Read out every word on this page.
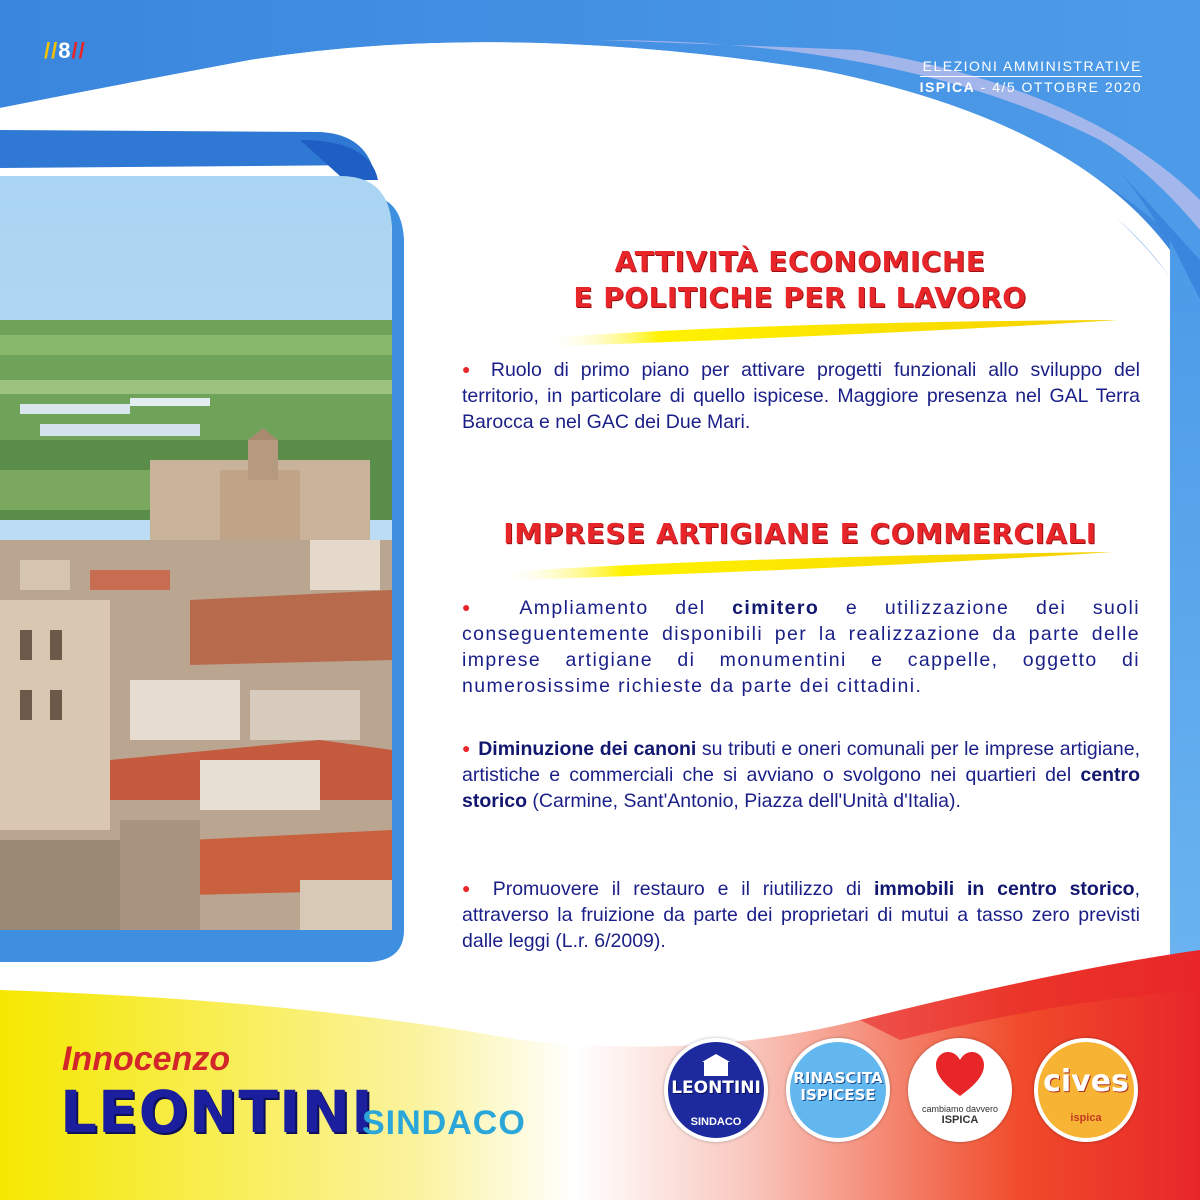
//8//
ELEZIONI AMMINISTRATIVE
ISPICA - 4/5 OTTOBRE 2020
ATTIVITÀ ECONOMICHE
E POLITICHE PER IL LAVORO
● Ruolo di primo piano per attivare progetti funzionali allo sviluppo del territorio, in particolare di quello ispicese. Maggiore presenza nel GAL Terra Barocca e nel GAC dei Due Mari.
IMPRESE ARTIGIANE E COMMERCIALI
● Ampliamento del cimitero e utilizzazione dei suoli conseguentemente disponibili per la realizzazione da parte delle imprese artigiane di monumentini e cappelle, oggetto di numerosissime richieste da parte dei cittadini.
● Diminuzione dei canoni su tributi e oneri comunali per le imprese artigiane, artistiche e commerciali che si avviano o svolgono nei quartieri del centro storico (Carmine, Sant'Antonio, Piazza dell'Unità d'Italia).
● Promuovere il restauro e il riutilizzo di immobili in centro storico, attraverso la fruizione da parte dei proprietari di mutui a tasso zero previsti dalle leggi (L.r. 6/2009).
Innocenzo
LEONTINI
SINDACO
LEONTINI
SINDACO
RINASCITA
ISPICESE
cambiamo davvero
ISPICA
cives
ispica
